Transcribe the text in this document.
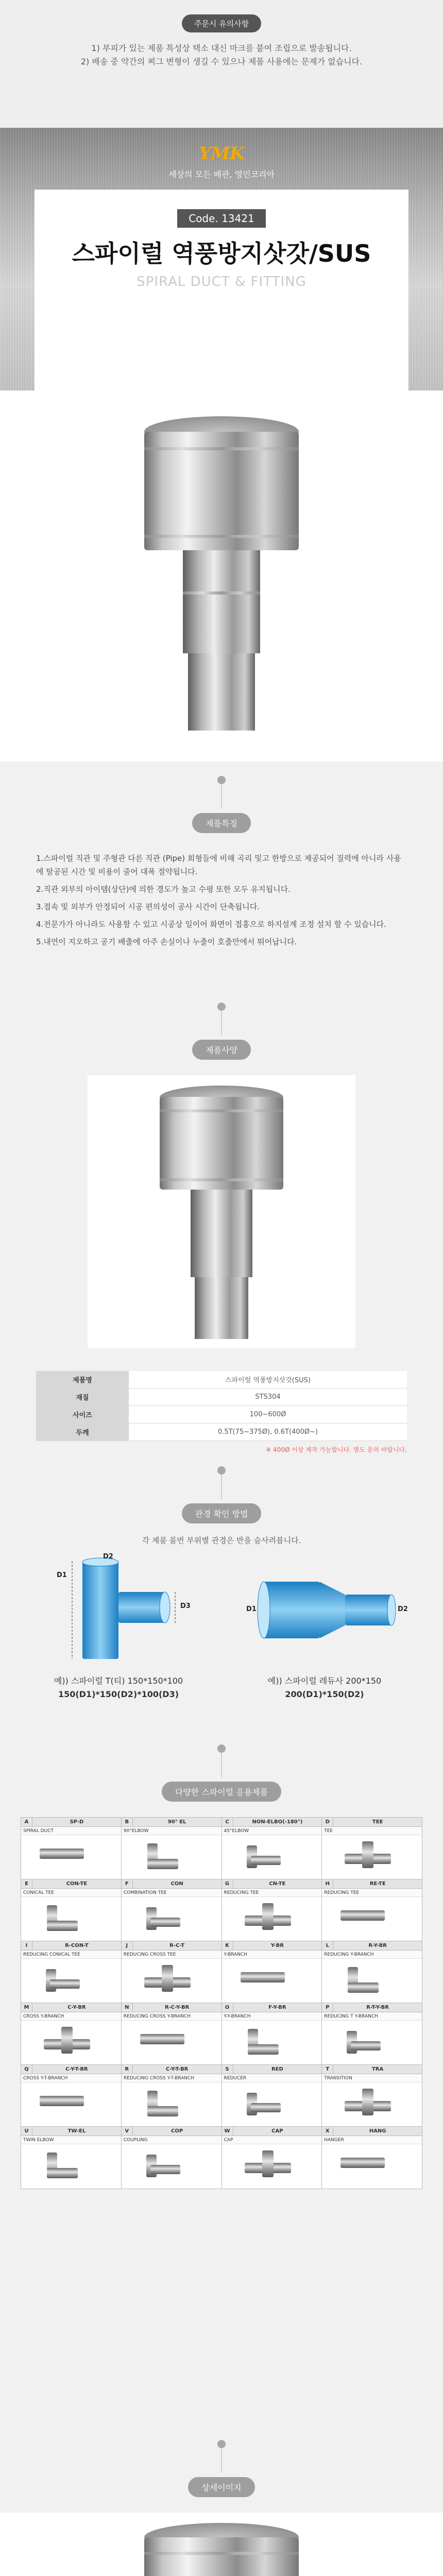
주문시 유의사항

1) 부피가 있는 제품 특성상 택소 대신 마크를 붙여 조립으로 발송됩니다.

2) 배송 중 약간의 찌그 변형이 생길 수 있으나 제품 사용에는 문제가 없습니다.

YMK
세상의 모든 배관, 영민코리아
Code. 13421
스파이럴 역풍방지삿갓/SUS
SPIRAL DUCT & FITTING
제품특징
1.스파이럴 직관 및 주형관 다른 직관 (Pipe) 회형들에 비해 곡리 및고 한방으로 제공되어 질력에 아니라 사용에 탈공된 시간 및 비용이 줄어 대폭 절약됩니다.
2.직관 외부의 아이템(상단)에 의한 경도가 높고 수평 또한 모두 유지됩니다.
3.접속 및 외부가 안정되어 시공 편의성이 공사 시간이 단축됩니다.
4.전문가가 아니라도 사용할 수 있고 시공상 일이어 화면이 접홍으로 하지설계 조정 설치 할 수 있습니다.
5.내연이 지오하고 공기 배출에 아주 손실이나 누출이 호출만에서 뛰어납니다.
제품사양
제품명	스파이럴 역풍방지삿갓(SUS)
재질	STS304
사이즈	100~600Ø
두께	0.5T(75~375Ø), 0.6T(400Ø~)
※ 400Ø 이상 제작 가능합니다. 별도 문의 바랍니다.
관경 확인 방법
각 제품 품번 부위별 관경은 반을 숨사려봅니다.
D1
D2
D3
예)) 스파이럴 T(티) 150*150*100
150(D1)*150(D2)*100(D3)
D1	D2
예)) 스파이럴 레듀사 200*150
200(D1)*150(D2)
다양한 스파이럴 응용제품
A	SP-D
SPIRAL DUCT
B	90° EL
90°ELBOW
C	NON-ELBO(-180°)
45°ELBOW
D	TEE
TEE
E	CON-TE
CONICAL TEE
F	CON
COMBINATION TEE
G	CN-TE
REDUCING TEE
H	RE-TE
REDUCING TEE
I	R-CON-T
REDUCING CONICAL TEE
J	R-C-T
REDUCING CROSS TEE
K	Y-BR
Y-BRANCH
L	R-Y-BR
REDUCING Y-BRANCH
M	C-Y-BR
CROSS Y-BRANCH
N	R-C-Y-BR
REDUCING CROSS Y-BRANCH
O	F-Y-BR
Y-Y-BRANCH
P	R-T-Y-BR
REDUCING T Y-BRANCH
Q	C-Y-T-BR
CROSS Y-T-BRANCH
R	C-Y-T-BR
REDUCING CROSS Y-T-BRANCH
S	RED
REDUCER
T	TRA
TRANSITION
U	TW-EL
TWIN ELBOW
V	COP
COUPLING
W	CAP
CAP
X	HANG
HANGER
상세이미지
